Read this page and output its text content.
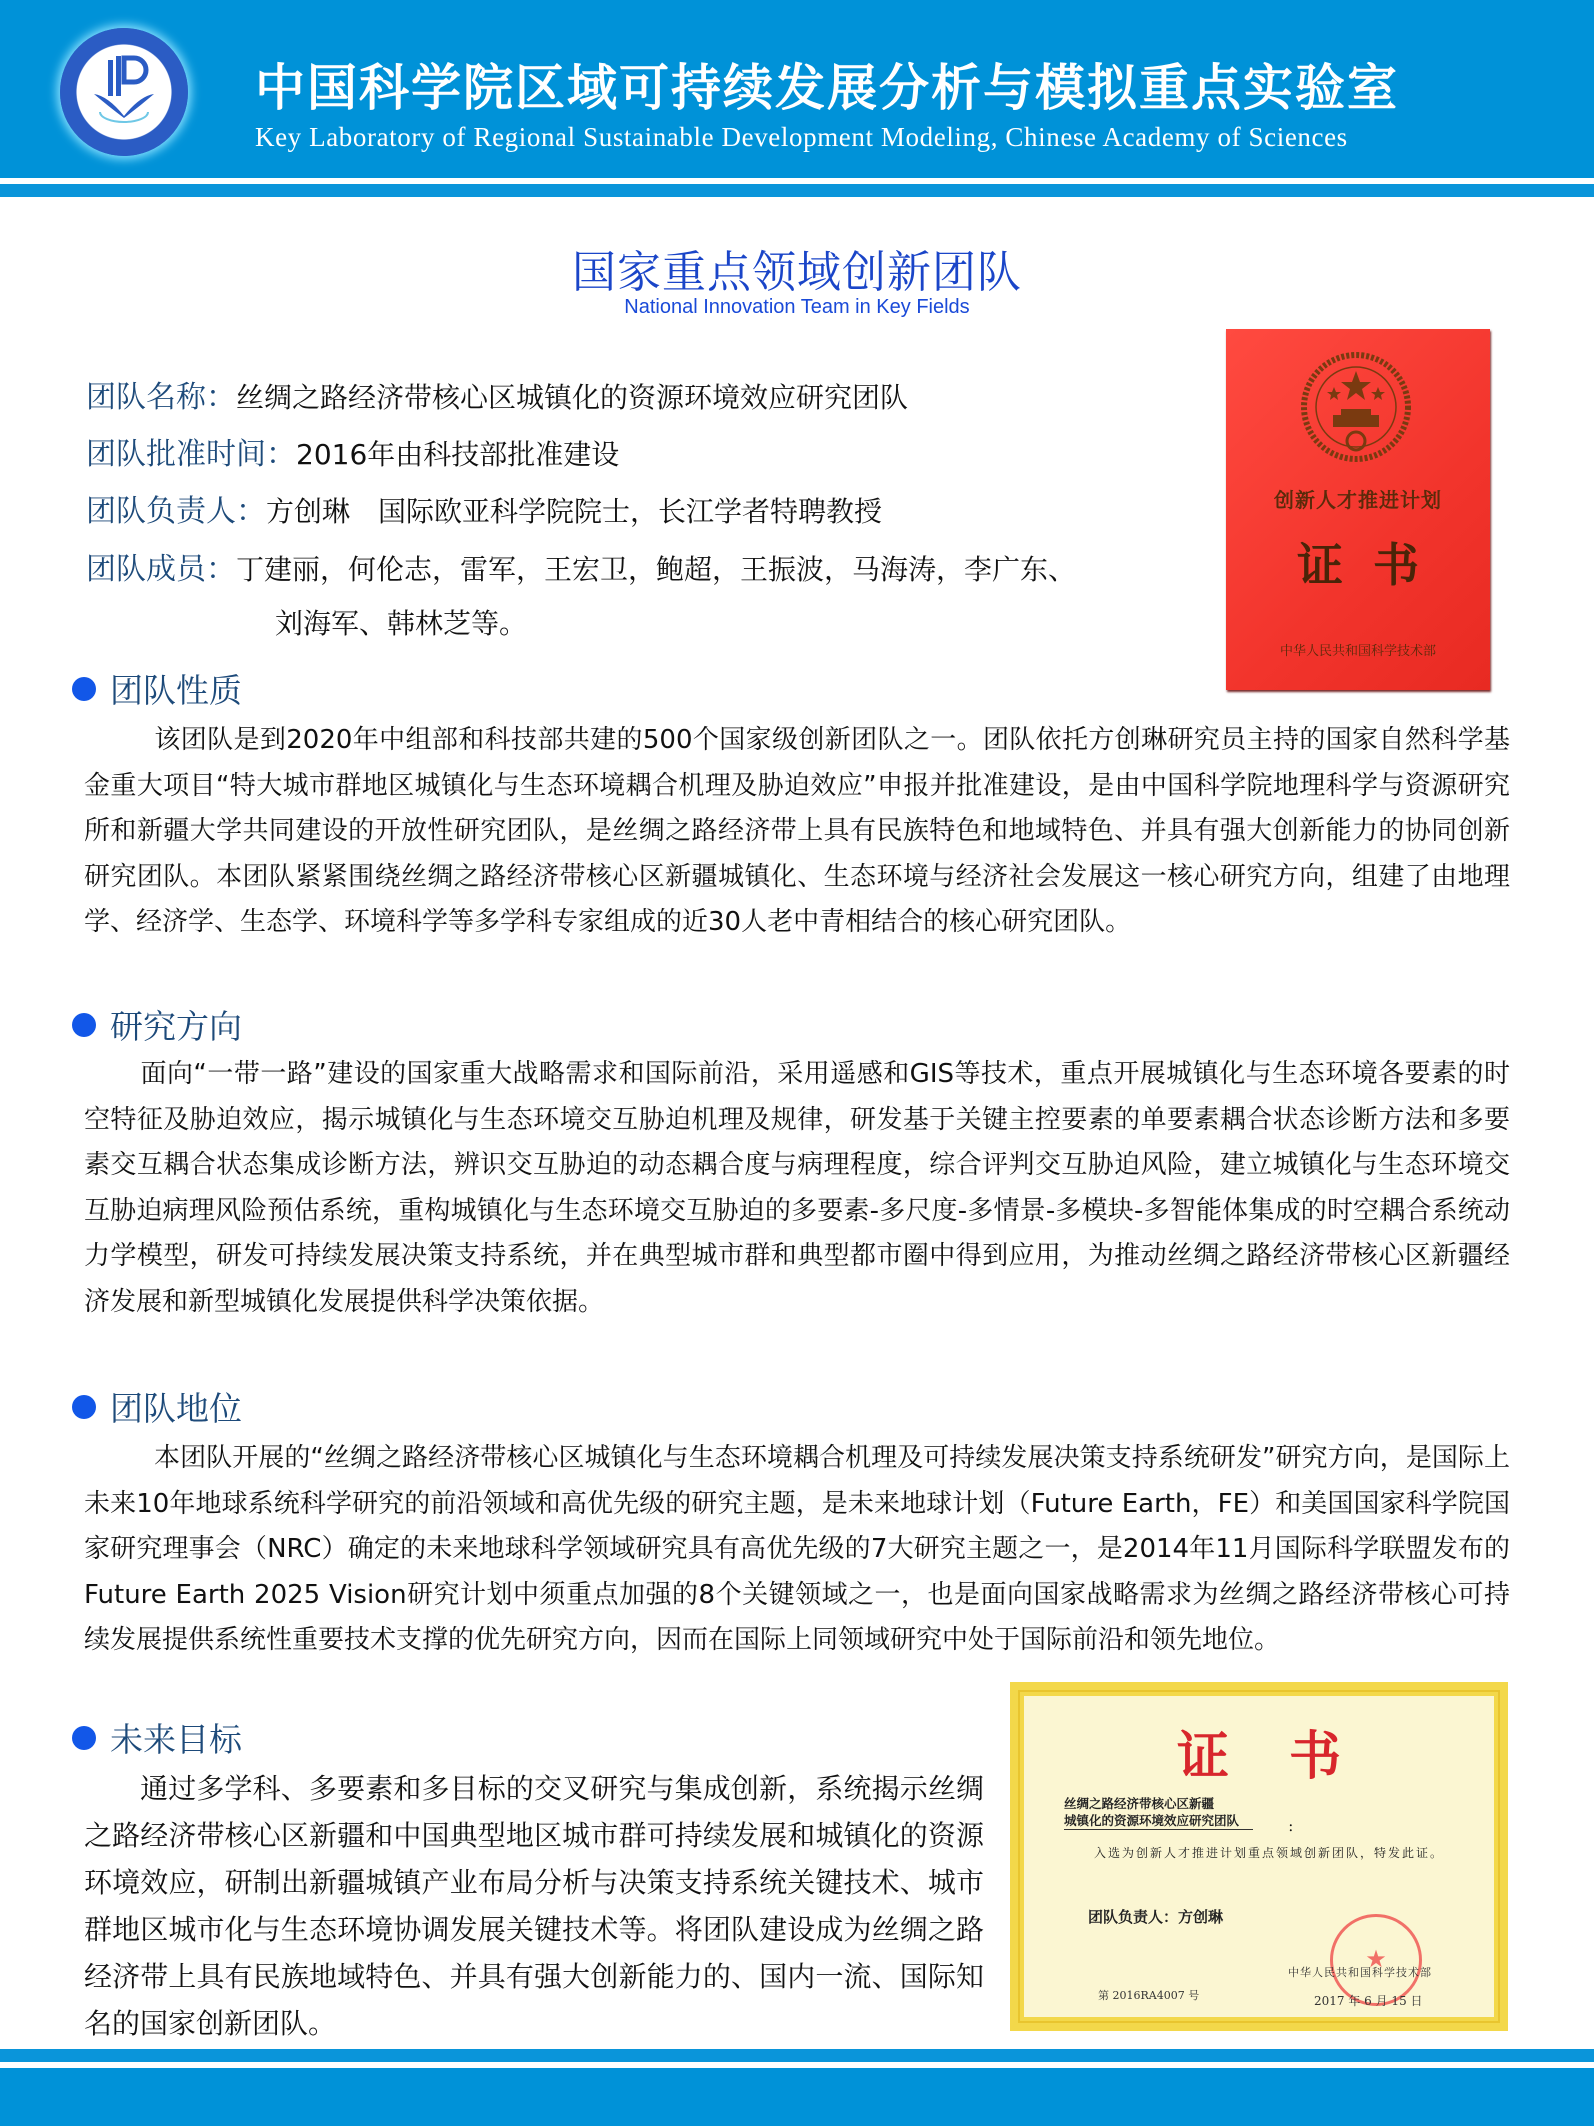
中国科学院区域可持续发展分析与模拟重点实验室
Key Laboratory of Regional Sustainable Development Modeling, Chinese Academy of Sciences
国家重点领域创新团队
National Innovation Team in Key Fields
团队名称：丝绸之路经济带核心区城镇化的资源环境效应研究团队
团队批准时间：2016年由科技部批准建设
团队负责人：方创琳　国际欧亚科学院院士，长江学者特聘教授
团队成员：丁建丽，何伦志，雷军，王宏卫，鲍超，王振波，马海涛，李广东、
刘海军、韩林芝等。
创新人才推进计划
证书
中华人民共和国科学技术部
团队性质
该团队是到2020年中组部和科技部共建的500个国家级创新团队之一。团队依托方创琳研究员主持的国家自然科学基金重大项目“特大城市群地区城镇化与生态环境耦合机理及胁迫效应”申报并批准建设，是由中国科学院地理科学与资源研究所和新疆大学共同建设的开放性研究团队，是丝绸之路经济带上具有民族特色和地域特色、并具有强大创新能力的协同创新研究团队。本团队紧紧围绕丝绸之路经济带核心区新疆城镇化、生态环境与经济社会发展这一核心研究方向，组建了由地理学、经济学、生态学、环境科学等多学科专家组成的近30人老中青相结合的核心研究团队。
研究方向
面向“一带一路”建设的国家重大战略需求和国际前沿，采用遥感和GIS等技术，重点开展城镇化与生态环境各要素的时空特征及胁迫效应，揭示城镇化与生态环境交互胁迫机理及规律，研发基于关键主控要素的单要素耦合状态诊断方法和多要素交互耦合状态集成诊断方法，辨识交互胁迫的动态耦合度与病理程度，综合评判交互胁迫风险，建立城镇化与生态环境交互胁迫病理风险预估系统，重构城镇化与生态环境交互胁迫的多要素-多尺度-多情景-多模块-多智能体集成的时空耦合系统动力学模型，研发可持续发展决策支持系统，并在典型城市群和典型都市圈中得到应用，为推动丝绸之路经济带核心区新疆经济发展和新型城镇化发展提供科学决策依据。
团队地位
本团队开展的“丝绸之路经济带核心区城镇化与生态环境耦合机理及可持续发展决策支持系统研发”研究方向，是国际上未来10年地球系统科学研究的前沿领域和高优先级的研究主题，是未来地球计划（Future Earth，FE）和美国国家科学院国家研究理事会（NRC）确定的未来地球科学领域研究具有高优先级的7大研究主题之一，是2014年11月国际科学联盟发布的Future Earth 2025 Vision研究计划中须重点加强的8个关键领域之一，也是面向国家战略需求为丝绸之路经济带核心可持续发展提供系统性重要技术支撑的优先研究方向，因而在国际上同领域研究中处于国际前沿和领先地位。
未来目标
通过多学科、多要素和多目标的交叉研究与集成创新，系统揭示丝绸之路经济带核心区新疆和中国典型地区城市群可持续发展和城镇化的资源环境效应，研制出新疆城镇产业布局分析与决策支持系统关键技术、城市群地区城市化与生态环境协调发展关键技术等。将团队建设成为丝绸之路经济带上具有民族地域特色、并具有强大创新能力的、国内一流、国际知名的国家创新团队。
证书
丝绸之路经济带核心区新疆
城镇化的资源环境效应研究团队	：
入选为创新人才推进计划重点领域创新团队，特发此证。
团队负责人：方创琳
★
第 2016RA4007 号
中华人民共和国科学技术部
2017 年 6 月 15 日
